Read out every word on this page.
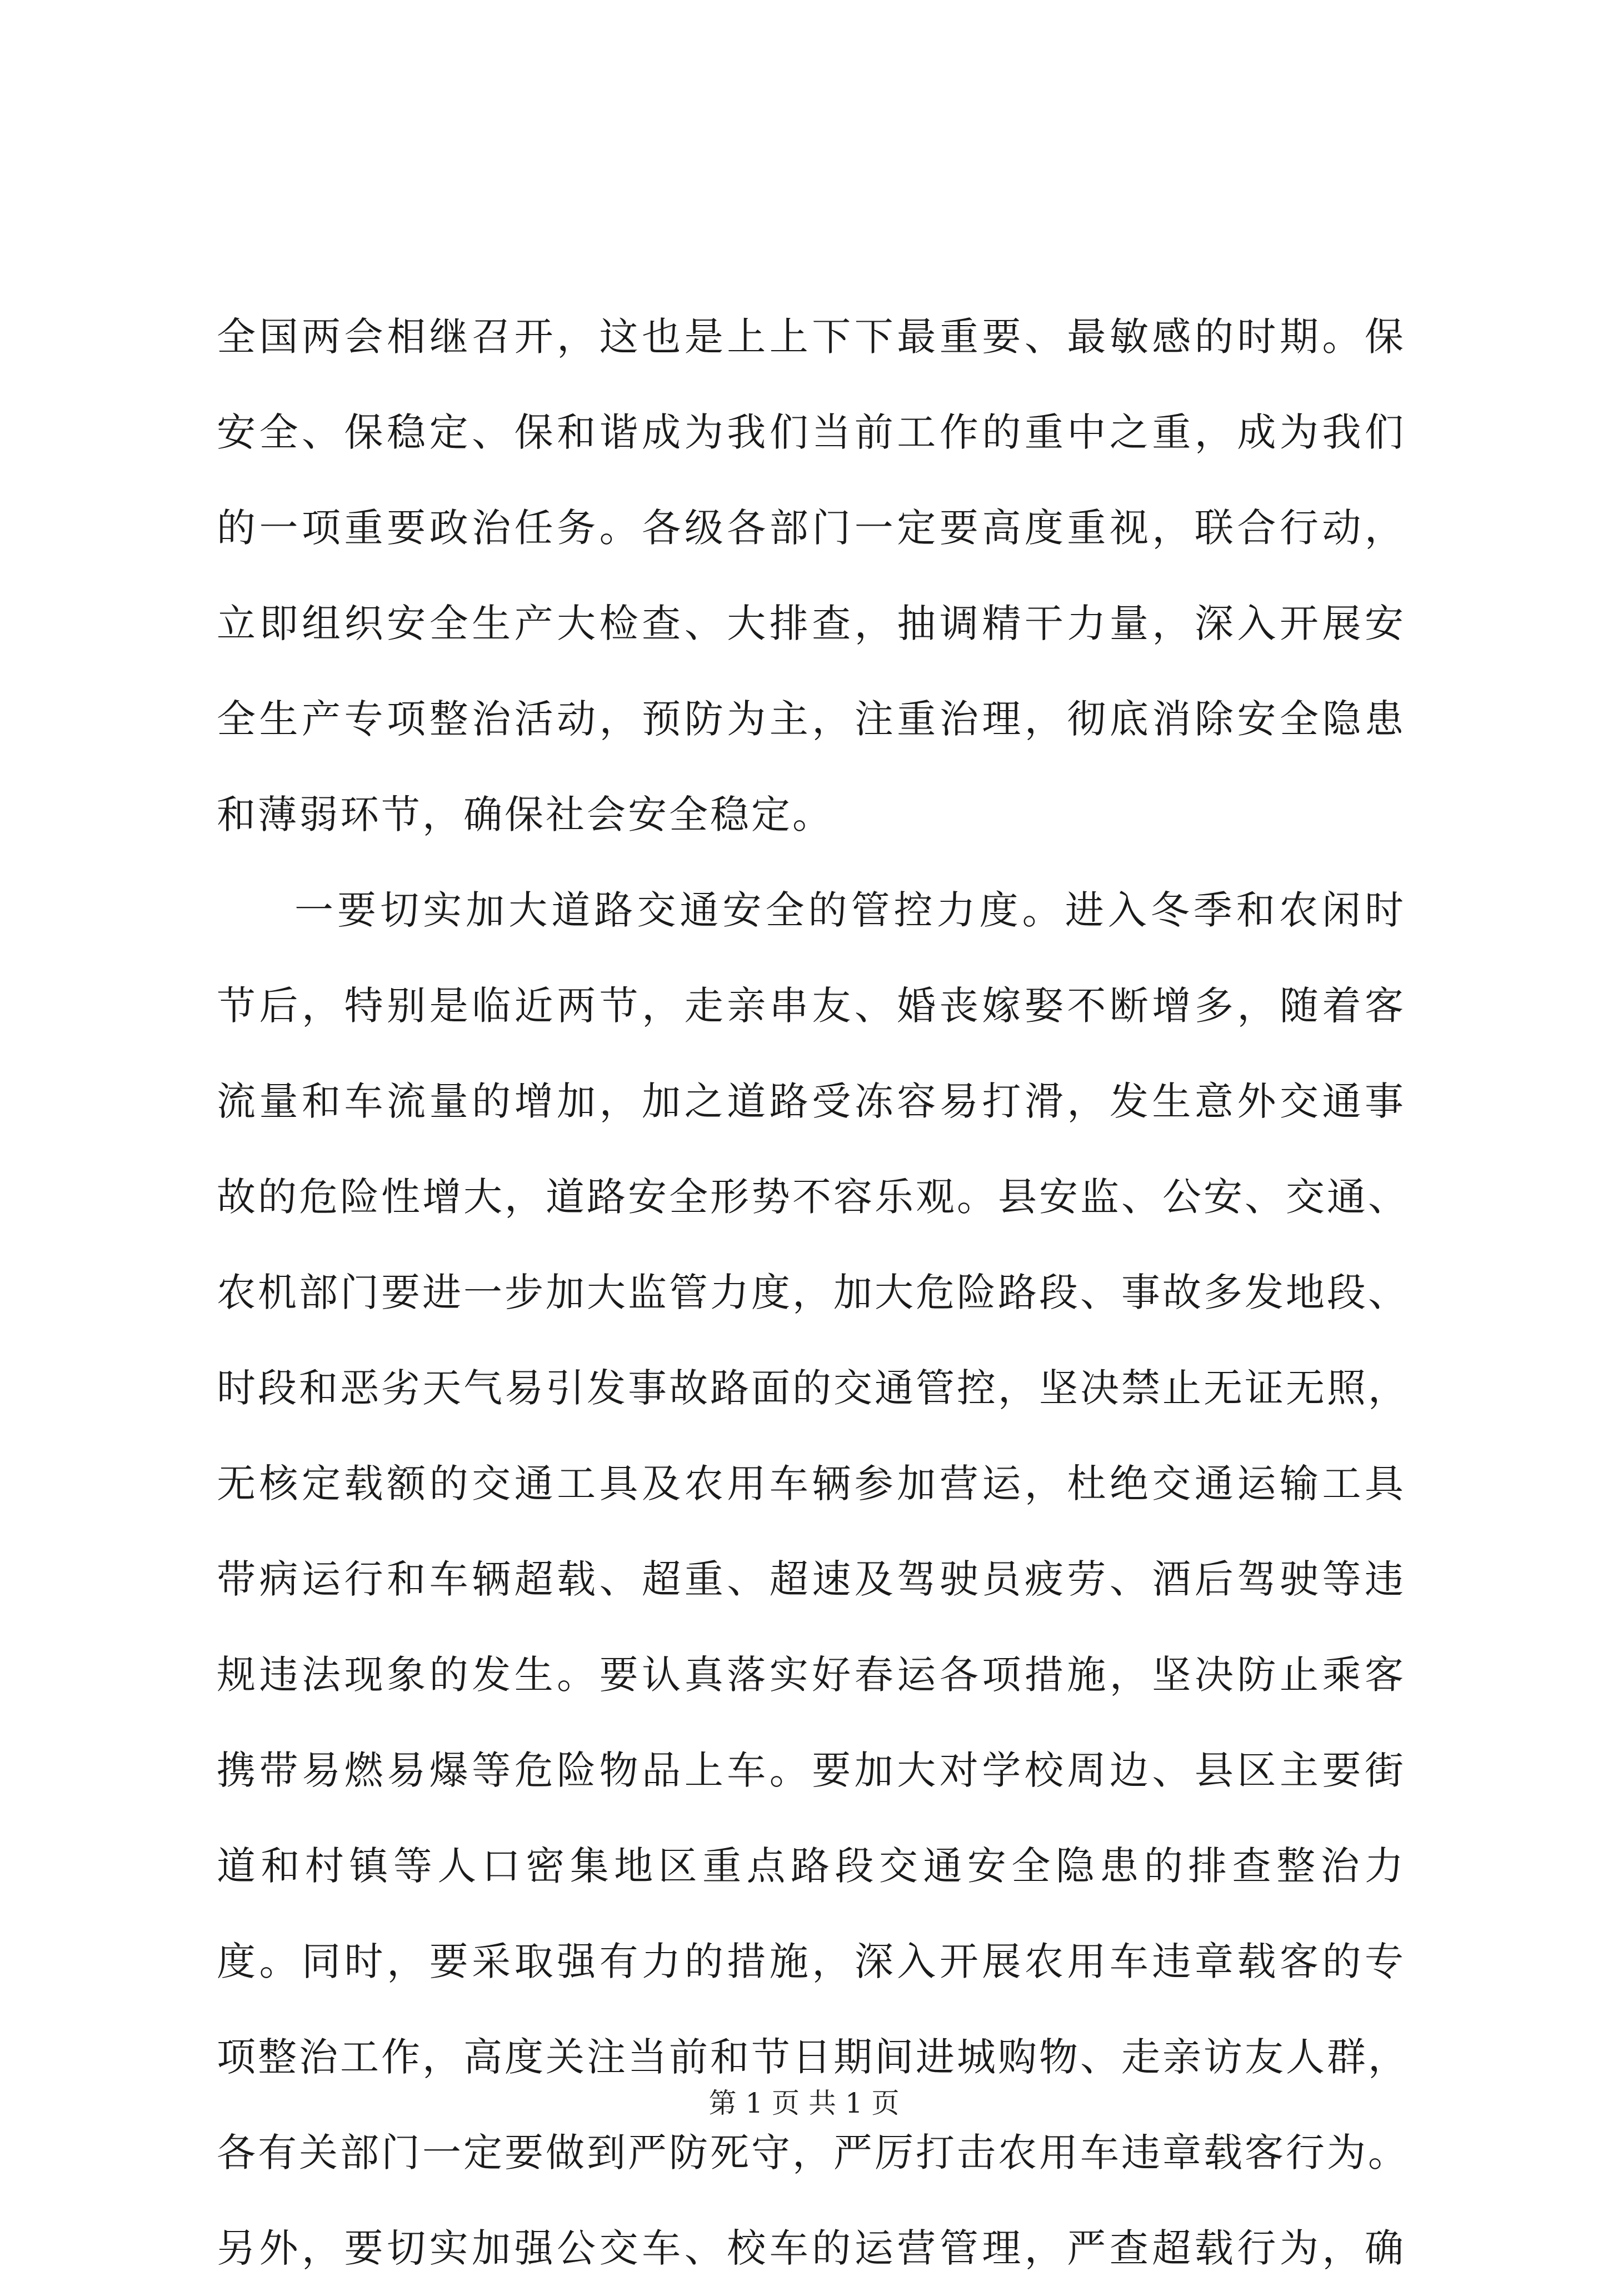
全国两会相继召开，这也是上上下下最重要、最敏感的时期。保
安全、保稳定、保和谐成为我们当前工作的重中之重，成为我们
的一项重要政治任务。各级各部门一定要高度重视，联合行动，
立即组织安全生产大检查、大排查，抽调精干力量，深入开展安
全生产专项整治活动，预防为主，注重治理，彻底消除安全隐患
和薄弱环节，确保社会安全稳定。
一要切实加大道路交通安全的管控力度。进入冬季和农闲时
节后，特别是临近两节，走亲串友、婚丧嫁娶不断增多，随着客
流量和车流量的增加，加之道路受冻容易打滑，发生意外交通事
故的危险性增大，道路安全形势不容乐观。县安监、公安、交通、
农机部门要进一步加大监管力度，加大危险路段、事故多发地段、
时段和恶劣天气易引发事故路面的交通管控，坚决禁止无证无照，
无核定载额的交通工具及农用车辆参加营运，杜绝交通运输工具
带病运行和车辆超载、超重、超速及驾驶员疲劳、酒后驾驶等违
规违法现象的发生。要认真落实好春运各项措施，坚决防止乘客
携带易燃易爆等危险物品上车。要加大对学校周边、县区主要街
道和村镇等人口密集地区重点路段交通安全隐患的排查整治力
度。同时，要采取强有力的措施，深入开展农用车违章载客的专
项整治工作，高度关注当前和节日期间进城购物、走亲访友人群，
各有关部门一定要做到严防死守，严厉打击农用车违章载客行为。
另外，要切实加强公交车、校车的运营管理，严查超载行为，确
第 1 页 共 1 页
